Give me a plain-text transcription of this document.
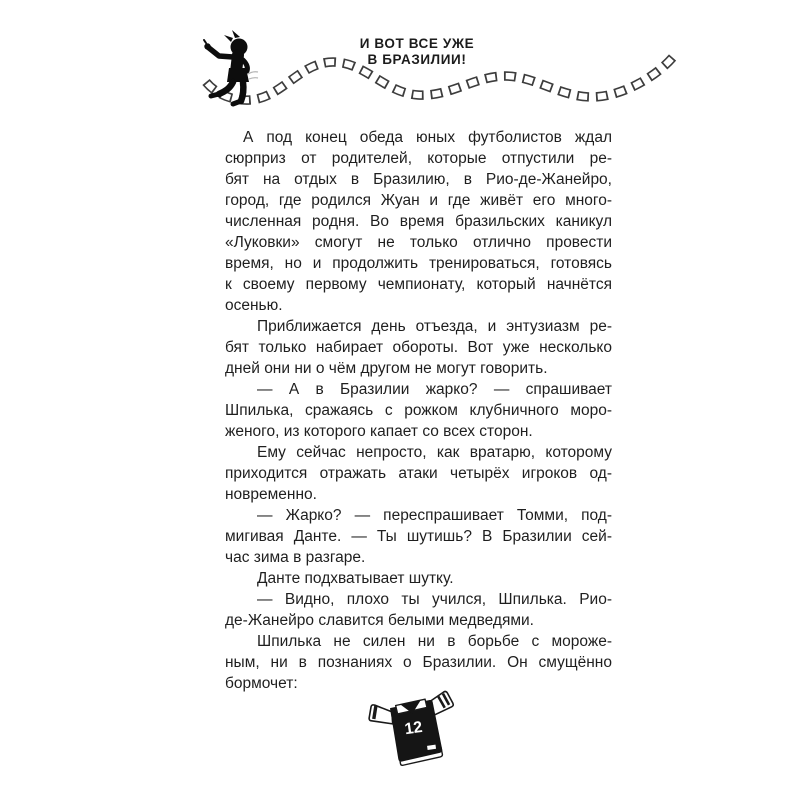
И ВОТ ВСЕ УЖЕ
В БРАЗИЛИИ!
А под конец обеда юных футболистов ждал
сюрприз от родителей, которые отпустили ре-
бят на отдых в Бразилию, в Рио-де-Жанейро,
город, где родился Жуан и где живёт его много-
численная родня. Во время бразильских каникул
«Луковки» смогут не только отлично провести
время, но и продолжить тренироваться, готовясь
к своему первому чемпионату, который начнётся
осенью.
Приближается день отъезда, и энтузиазм ре-
бят только набирает обороты. Вот уже несколько
дней они ни о чём другом не могут говорить.
— А в Бразилии жарко? — спрашивает
Шпилька, сражаясь с рожком клубничного моро-
женого, из которого капает со всех сторон.
Ему сейчас непросто, как вратарю, которому
приходится отражать атаки четырёх игроков од-
новременно.
— Жарко? — переспрашивает Томми, под-
мигивая Данте. — Ты шутишь? В Бразилии сей-
час зима в разгаре.
Данте подхватывает шутку.
— Видно, плохо ты учился, Шпилька. Рио-
де-Жанейро славится белыми медведями.
Шпилька не силен ни в борьбе с мороже-
ным, ни в познаниях о Бразилии. Он смущённо
бормочет:
12
